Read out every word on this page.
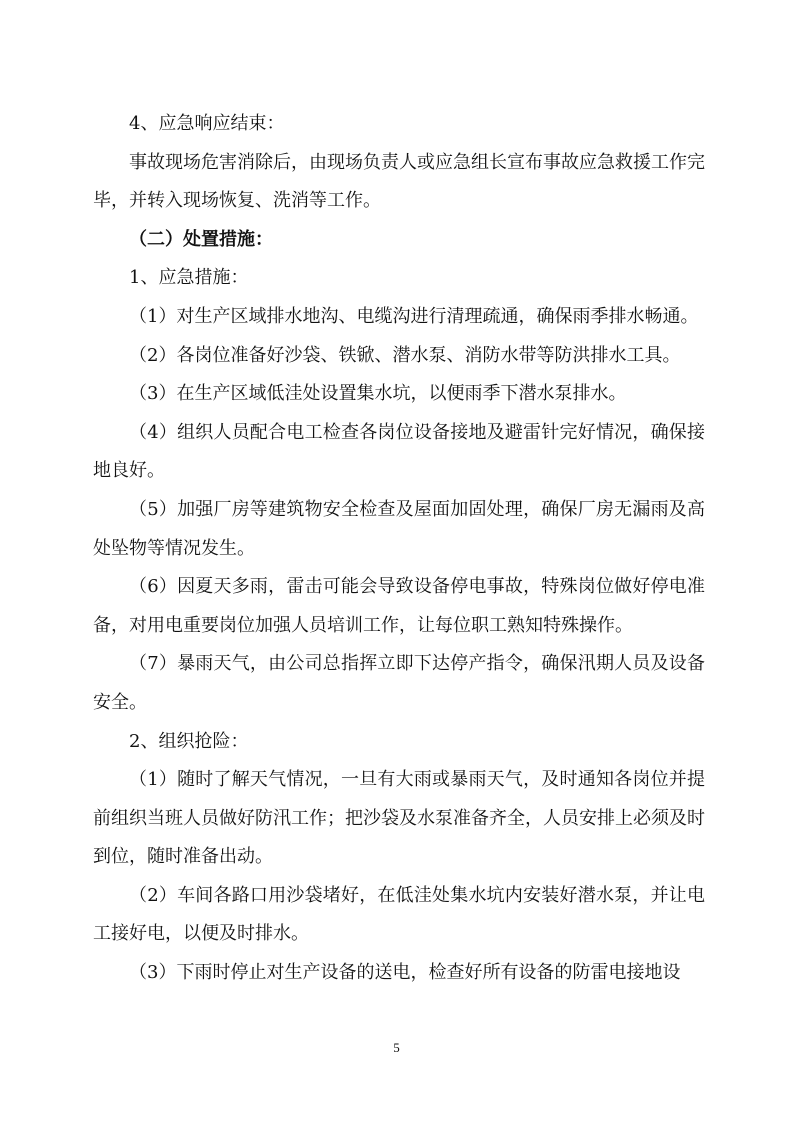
4、应急响应结束：

事故现场危害消除后，由现场负责人或应急组长宣布事故应急救援工作完毕，并转入现场恢复、洗消等工作。

（二）处置措施：

1、应急措施：

（1）对生产区域排水地沟、电缆沟进行清理疏通，确保雨季排水畅通。

（2）各岗位准备好沙袋、铁锨、潜水泵、消防水带等防洪排水工具。

（3）在生产区域低洼处设置集水坑，以便雨季下潜水泵排水。

（4）组织人员配合电工检查各岗位设备接地及避雷针完好情况，确保接地良好。

（5）加强厂房等建筑物安全检查及屋面加固处理，确保厂房无漏雨及高处坠物等情况发生。

（6）因夏天多雨，雷击可能会导致设备停电事故，特殊岗位做好停电准备，对用电重要岗位加强人员培训工作，让每位职工熟知特殊操作。

（7）暴雨天气，由公司总指挥立即下达停产指令，确保汛期人员及设备安全。

2、组织抢险：

（1）随时了解天气情况，一旦有大雨或暴雨天气，及时通知各岗位并提前组织当班人员做好防汛工作；把沙袋及水泵准备齐全，人员安排上必须及时到位，随时准备出动。

（2）车间各路口用沙袋堵好，在低洼处集水坑内安装好潜水泵，并让电工接好电，以便及时排水。

（3）下雨时停止对生产设备的送电，检查好所有设备的防雷电接地设

5
